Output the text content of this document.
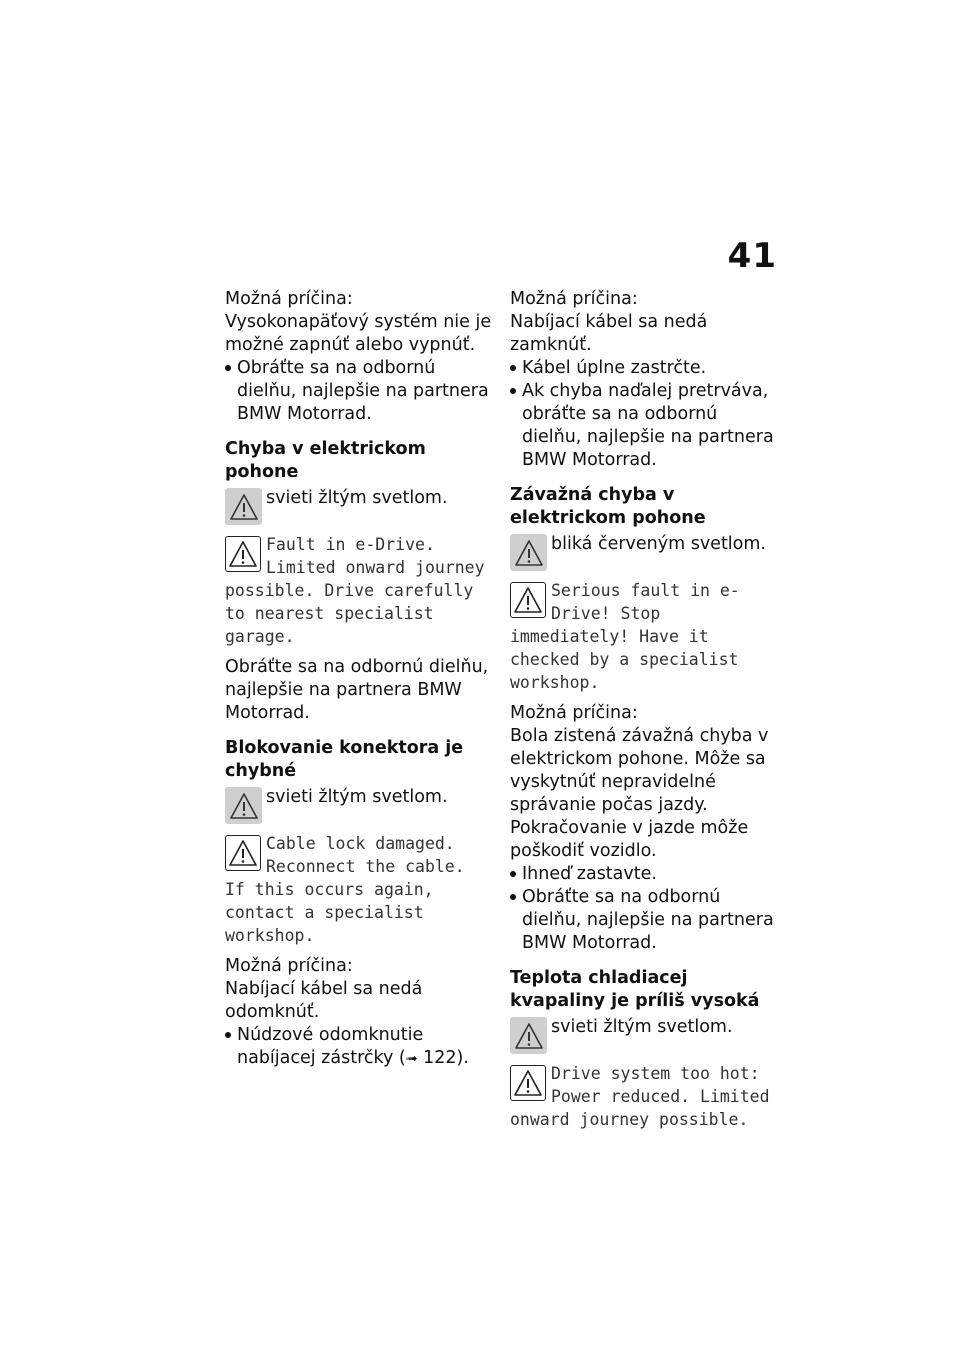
41

Možná príčina:

Vysokonapäťový systém nie je možné zapnúť alebo vypnúť.

Obráťte sa na odbornú dielňu, najlepšie na partnera BMW Motorrad.

Chyba v elektrickom pohone
svieti žltým svetlom.
Fault in e-Drive. Limited onward journey possible. Drive carefully to nearest specialist garage.

Obráťte sa na odbornú dielňu, najlepšie na partnera BMW Motorrad.

Blokovanie konektora je chybné
svieti žltým svetlom.
Cable lock damaged. Reconnect the cable. If this occurs again, contact a specialist workshop.

Možná príčina:

Nabíjací kábel sa nedá odomknúť.

Núdzové odomknutie nabíjacej zástrčky (➟ 122).

Možná príčina:

Nabíjací kábel sa nedá zamknúť.

Kábel úplne zastrčte.

Ak chyba naďalej pretrváva, obráťte sa na odbornú dielňu, najlepšie na partnera BMW Motorrad.

Závažná chyba v elektrickom pohone
bliká červeným svetlom.
Serious fault in e-Drive! Stop immediately! Have it checked by a specialist workshop.

Možná príčina:

Bola zistená závažná chyba v elektrickom pohone. Môže sa vyskytnúť nepravidelné správanie počas jazdy. Pokračovanie v jazde môže poškodiť vozidlo.

Ihneď zastavte.

Obráťte sa na odbornú dielňu, najlepšie na partnera BMW Motorrad.

Teplota chladiacej kvapaliny je príliš vysoká
svieti žltým svetlom.
Drive system too hot: Power reduced. Limited onward journey possible.
